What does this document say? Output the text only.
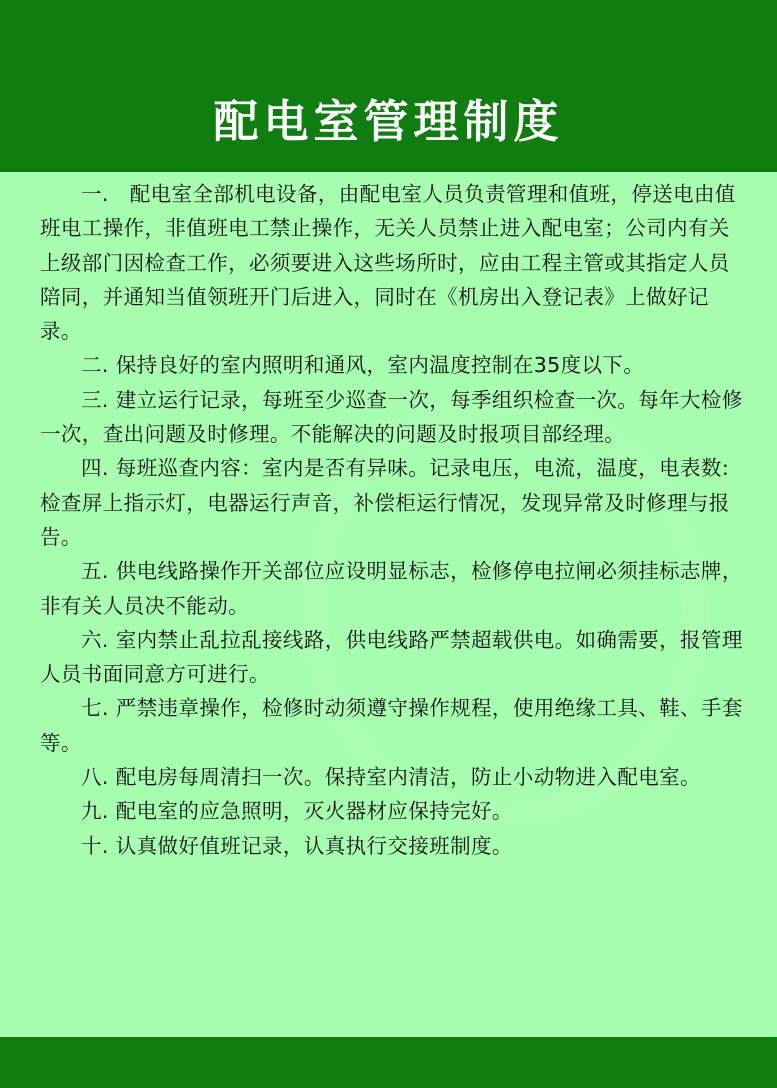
配电室管理制度

一.　配电室全部机电设备，由配电室人员负责管理和值班，停送电由值班电工操作，非值班电工禁止操作，无关人员禁止进入配电室；公司内有关上级部门因检查工作，必须要进入这些场所时，应由工程主管或其指定人员陪同，并通知当值领班开门后进入，同时在《机房出入登记表》上做好记录。

二. 保持良好的室内照明和通风，室内温度控制在35度以下。

三. 建立运行记录，每班至少巡查一次，每季组织检查一次。每年大检修一次，查出问题及时修理。不能解决的问题及时报项目部经理。

四. 每班巡查内容：室内是否有异味。记录电压，电流，温度，电表数:检查屏上指示灯，电器运行声音，补偿柜运行情况，发现异常及时修理与报告。

五. 供电线路操作开关部位应设明显标志，检修停电拉闸必须挂标志牌，非有关人员决不能动。

六. 室内禁止乱拉乱接线路，供电线路严禁超载供电。如确需要，报管理人员书面同意方可进行。

七. 严禁违章操作，检修时动须遵守操作规程，使用绝缘工具、鞋、手套等。

八. 配电房每周清扫一次。保持室内清洁，防止小动物进入配电室。

九. 配电室的应急照明，灭火器材应保持完好。

十. 认真做好值班记录，认真执行交接班制度。
